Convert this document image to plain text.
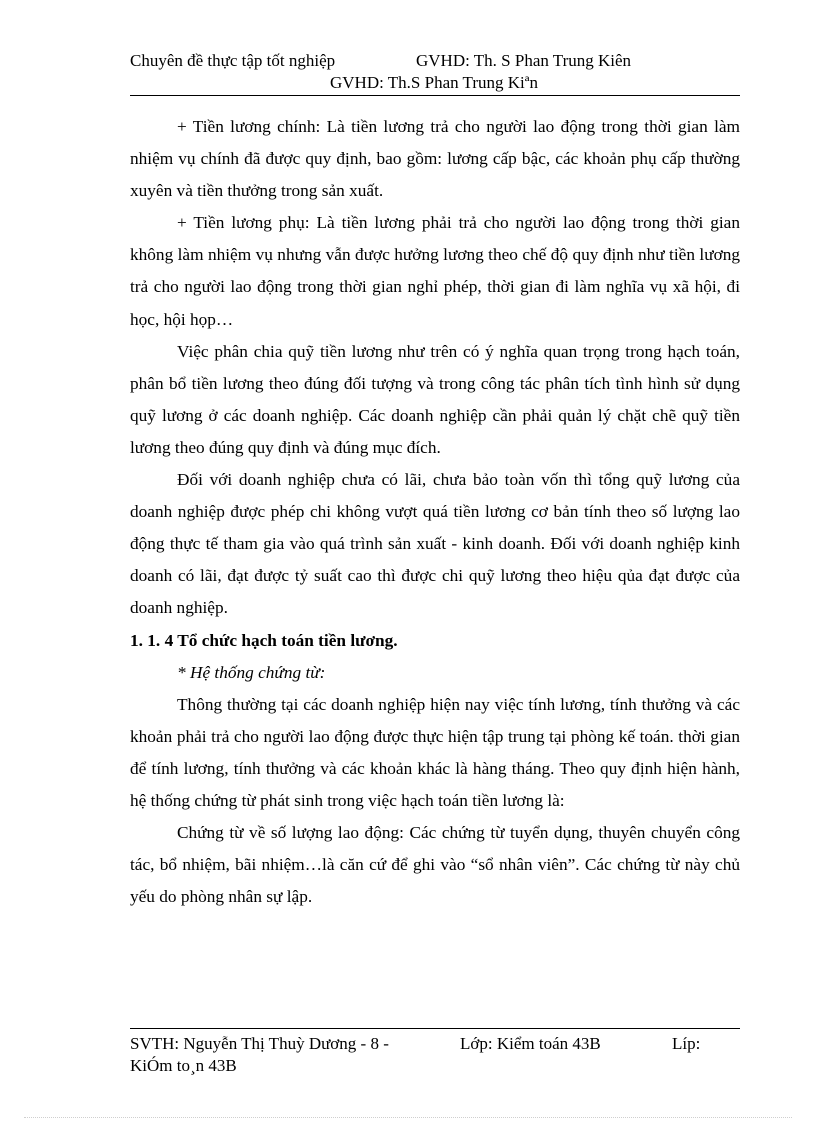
Chuyên đề thực tập tốt nghiệp	GVHD: Th. S Phan Trung Kiên
GVHD: Th.S Phan Trung Kiªn

+ Tiền lương chính: Là tiền lương trả cho người lao động trong thời gian làm nhiệm vụ chính đã được quy định, bao gồm: lương cấp bậc, các khoản phụ cấp thường xuyên và tiền thưởng trong sản xuất.

+ Tiền lương phụ: Là tiền lương phải trả cho người lao động trong thời gian không làm nhiệm vụ nhưng vẫn được hưởng lương theo chế độ quy định như tiền lương trả cho người lao động trong thời gian nghỉ phép, thời gian đi làm nghĩa vụ xã hội, đi học, hội họp…

Việc phân chia quỹ tiền lương như trên có ý nghĩa quan trọng trong hạch toán, phân bổ tiền lương theo đúng đối tượng và trong công tác phân tích tình hình sử dụng quỹ lương ở các doanh nghiệp. Các doanh nghiệp cần phải quản lý chặt chẽ quỹ tiền lương theo đúng quy định và đúng mục đích.

Đối với doanh nghiệp chưa có lãi, chưa bảo toàn vốn thì tổng quỹ lương của doanh nghiệp được phép chi không vượt quá tiền lương cơ bản tính theo số lượng lao động thực tế tham gia vào quá trình sản xuất - kinh doanh. Đối với doanh nghiệp kinh doanh có lãi, đạt được tỷ suất cao thì được chi quỹ lương theo hiệu qủa đạt được của doanh nghiệp.

1. 1. 4 Tổ chức hạch toán tiền lương.

* Hệ thống chứng từ:

Thông thường tại các doanh nghiệp hiện nay việc tính lương, tính thưởng và các khoản phải trả cho người lao động được thực hiện tập trung tại phòng kế toán. thời gian để tính lương, tính thưởng và các khoản khác là hàng tháng. Theo quy định hiện hành, hệ thống chứng từ phát sinh trong việc hạch toán tiền lương là:

Chứng từ về số lượng lao động: Các chứng từ tuyển dụng, thuyên chuyển công tác, bổ nhiệm, bãi nhiệm…là căn cứ để ghi vào “sổ nhân viên”. Các chứng từ này chủ yếu do phòng nhân sự lập.

SVTH: Nguyễn Thị Thuỳ Dương - 8 -	Lớp: Kiểm toán 43B	Líp:
KiÓm to¸n 43B
